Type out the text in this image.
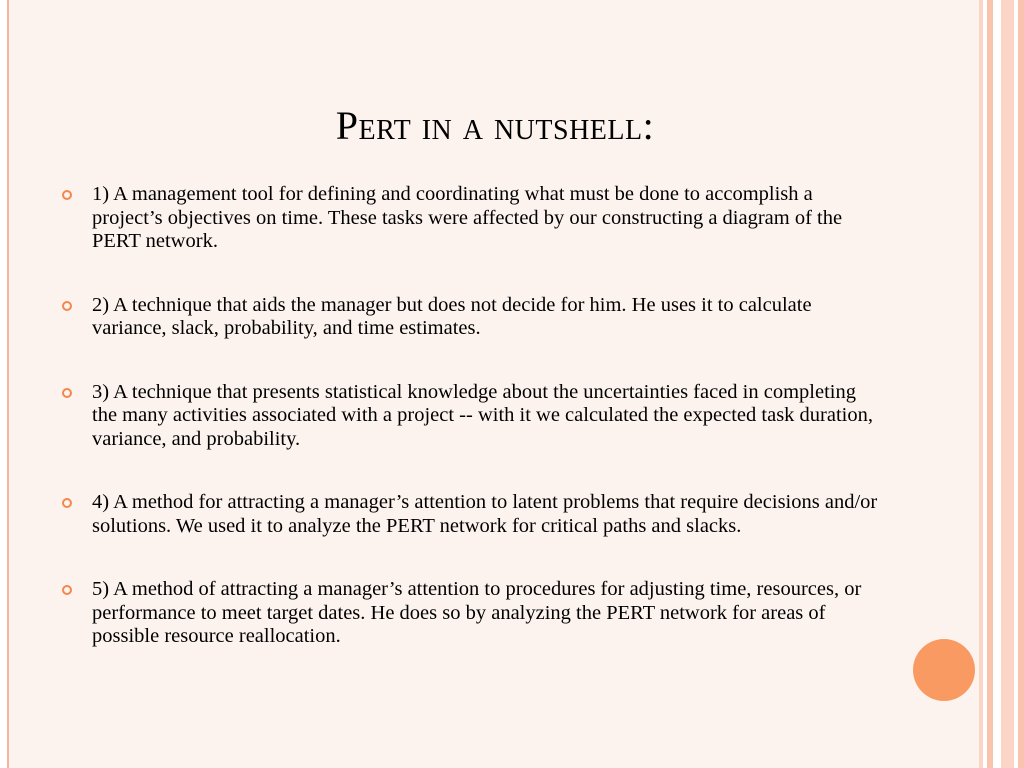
Pert in a nutshell:
1) A management tool for defining and coordinating what must be done to accomplish a project’s objectives on time. These tasks were affected by our constructing a diagram of the PERT network.
2) A technique that aids the manager but does not decide for him. He uses it to calculate variance, slack, probability, and time estimates.
3) A technique that presents statistical knowledge about the uncertainties faced in completing the many activities associated with a project -- with it we calculated the expected task duration, variance, and probability.
4) A method for attracting a manager’s attention to latent problems that require decisions and/or solutions. We used it to analyze the PERT network for critical paths and slacks.
5) A method of attracting a manager’s attention to procedures for adjusting time, resources, or performance to meet target dates. He does so by analyzing the PERT network for areas of possible resource reallocation.
